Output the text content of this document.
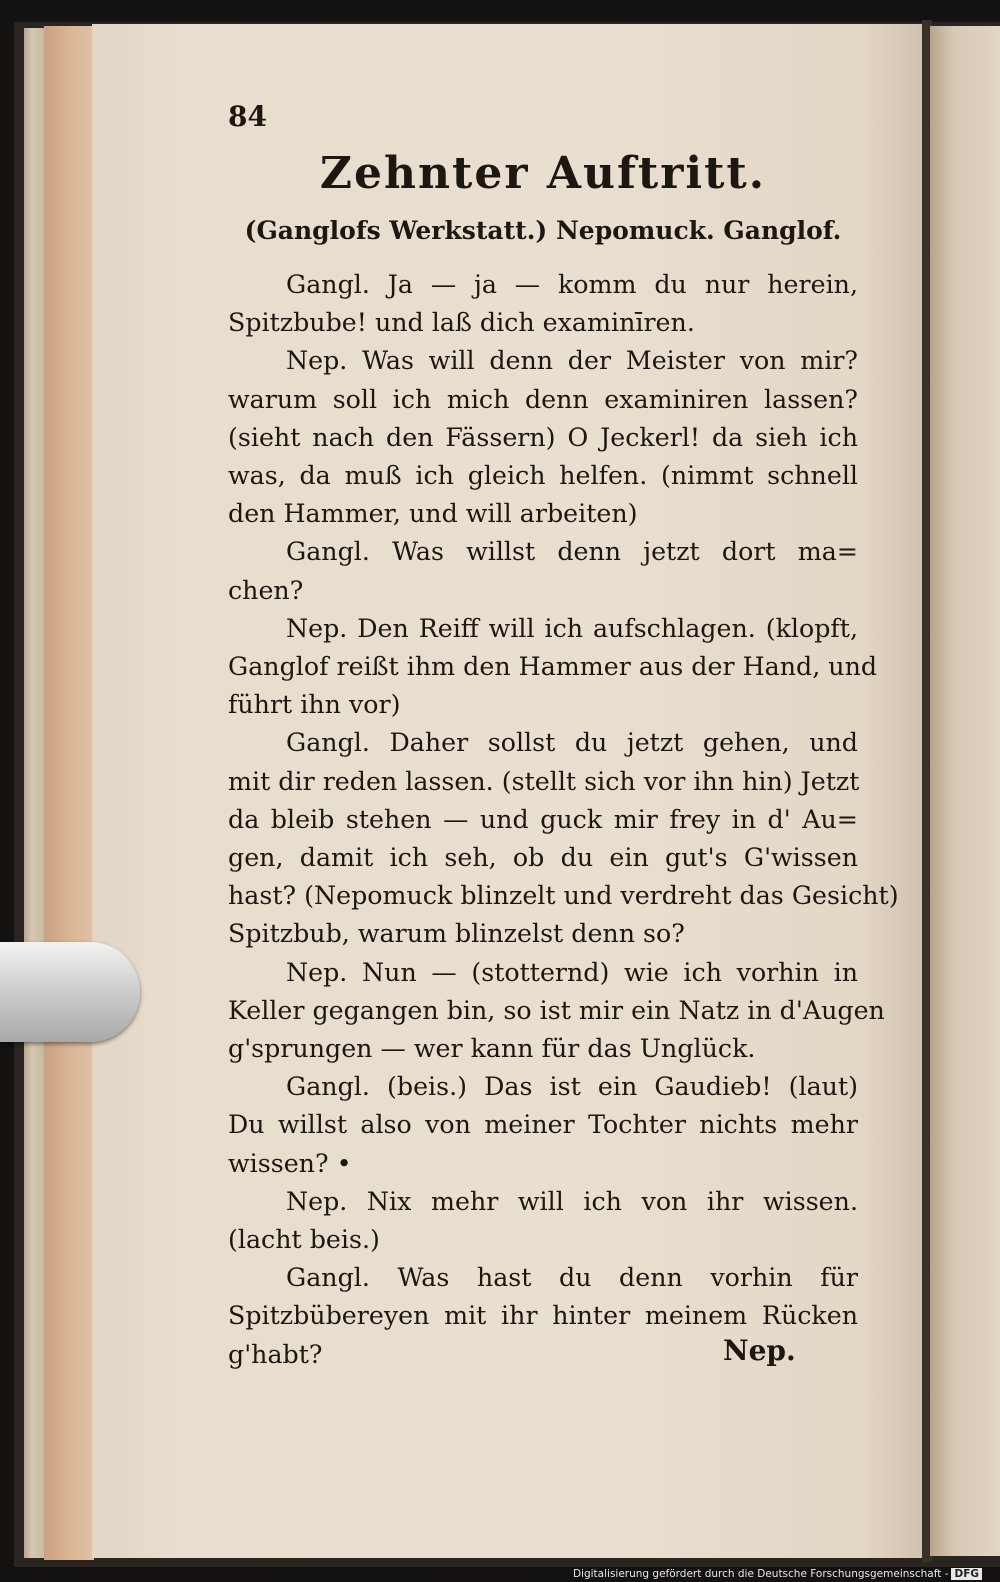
84
Zehnter Auftritt.
(Ganglofs Werkstatt.) Nepomuck. Ganglof.
Gangl. Ja — ja — komm du nur herein,
Spitzbube! und laß dich examinīren.
Nep. Was will denn der Meister von mir?
warum soll ich mich denn examiniren lassen?
(sieht nach den Fässern) O Jeckerl! da sieh ich
was, da muß ich gleich helfen. (nimmt schnell
den Hammer, und will arbeiten)
Gangl. Was willst denn jetzt dort ma=
chen?
Nep. Den Reiff will ich aufschlagen. (klopft,
Ganglof reißt ihm den Hammer aus der Hand, und
führt ihn vor)
Gangl. Daher sollst du jetzt gehen, und
mit dir reden lassen. (stellt sich vor ihn hin) Jetzt
da bleib stehen — und guck mir frey in d' Au=
gen, damit ich seh, ob du ein gut's G'wissen
hast? (Nepomuck blinzelt und verdreht das Gesicht)
Spitzbub, warum blinzelst denn so?
Nep. Nun — (stotternd) wie ich vorhin in
Keller gegangen bin, so ist mir ein Natz in d'Augen
g'sprungen — wer kann für das Unglück.
Gangl. (beis.) Das ist ein Gaudieb! (laut)
Du willst also von meiner Tochter nichts mehr
wissen? •
Nep. Nix mehr will ich von ihr wissen.
(lacht beis.)
Gangl. Was hast du denn vorhin für
Spitzbübereyen mit ihr hinter meinem Rücken
g'habt?	Nep.
Digitalisierung gefördert durch die Deutsche Forschungsgemeinschaft - DFG
